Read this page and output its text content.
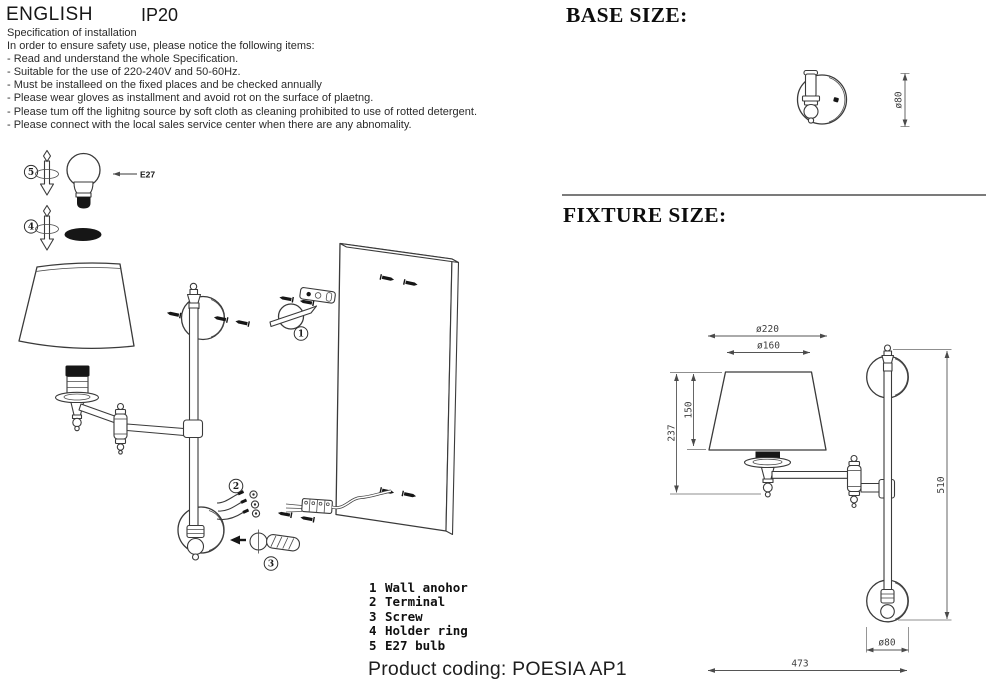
5	E27
4
1
2
3
ø80
ø220
ø160
237
150
510
ø80
473
ENGLISH	IP20
Specification of installation
In order to ensure safety use, please notice the following items:
- Read and understand the whole Specification.
- Suitable for the use of 220-240V and 50-60Hz.
- Must be installeed on the fixed places and be checked annually
- Please wear gloves as installment and avoid rot on the surface of plaetng.
- Please tum off the lighitng source by soft cloth as cleaning prohibited to use of rotted detergent.
- Please connect with the local sales service center when there are any abnomality.
BASE SIZE:
FIXTURE SIZE:
1 Wall anohor
2 Terminal
3 Screw
4 Holder ring
5 E27 bulb
Product coding: POESIA AP1
